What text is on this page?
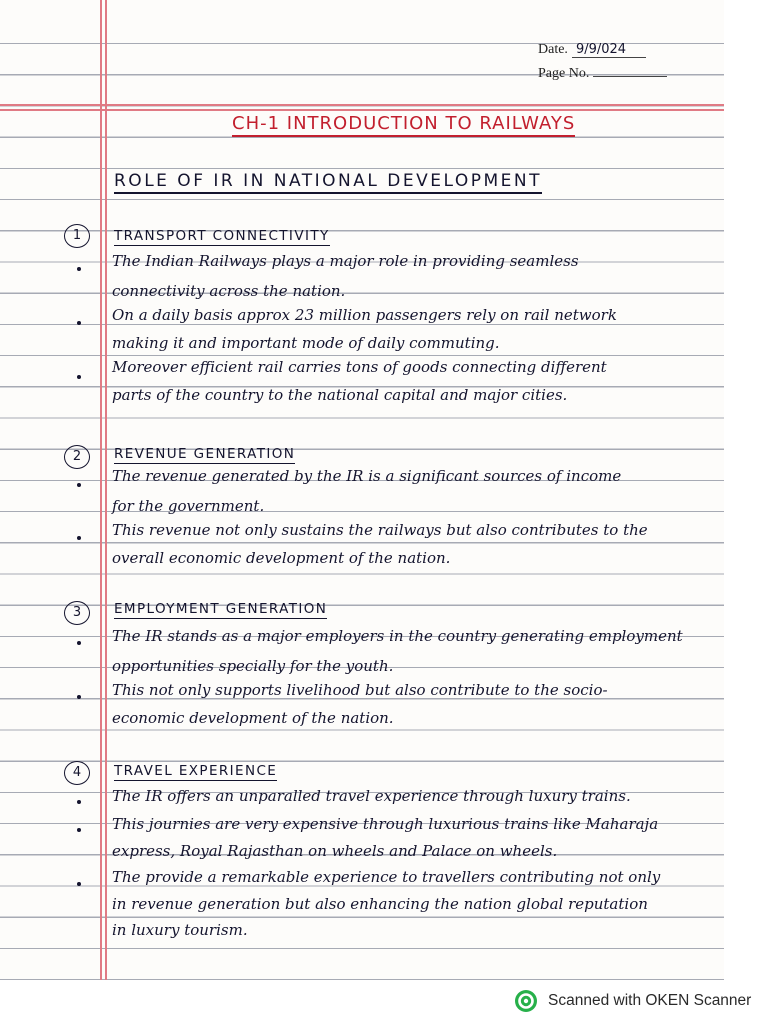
Date. 9/9/024
Page No.
CH-1 INTRODUCTION TO RAILWAYS
ROLE OF IR IN NATIONAL DEVELOPMENT
1	TRANSPORT CONNECTIVITY
The Indian Railways plays a major role in providing seamless
connectivity across the nation.
On a daily basis approx 23 million passengers rely on rail network
making it and important mode of daily commuting.
Moreover efficient rail carries tons of goods connecting different
parts of the country to the national capital and major cities.
2	REVENUE GENERATION
The revenue generated by the IR is a significant sources of income
for the government.
This revenue not only sustains the railways but also contributes to the
overall economic development of the nation.
3	EMPLOYMENT GENERATION
The IR stands as a major employers in the country generating employment
opportunities specially for the youth.
This not only supports livelihood but also contribute to the socio-
economic development of the nation.
4	TRAVEL EXPERIENCE
The IR offers an unparalled travel experience through luxury trains.
This journies are very expensive through luxurious trains like Maharaja
express, Royal Rajasthan on wheels and Palace on wheels.
The provide a remarkable experience to travellers contributing not only
in revenue generation but also enhancing the nation global reputation
in luxury tourism.
Scanned with OKEN Scanner
